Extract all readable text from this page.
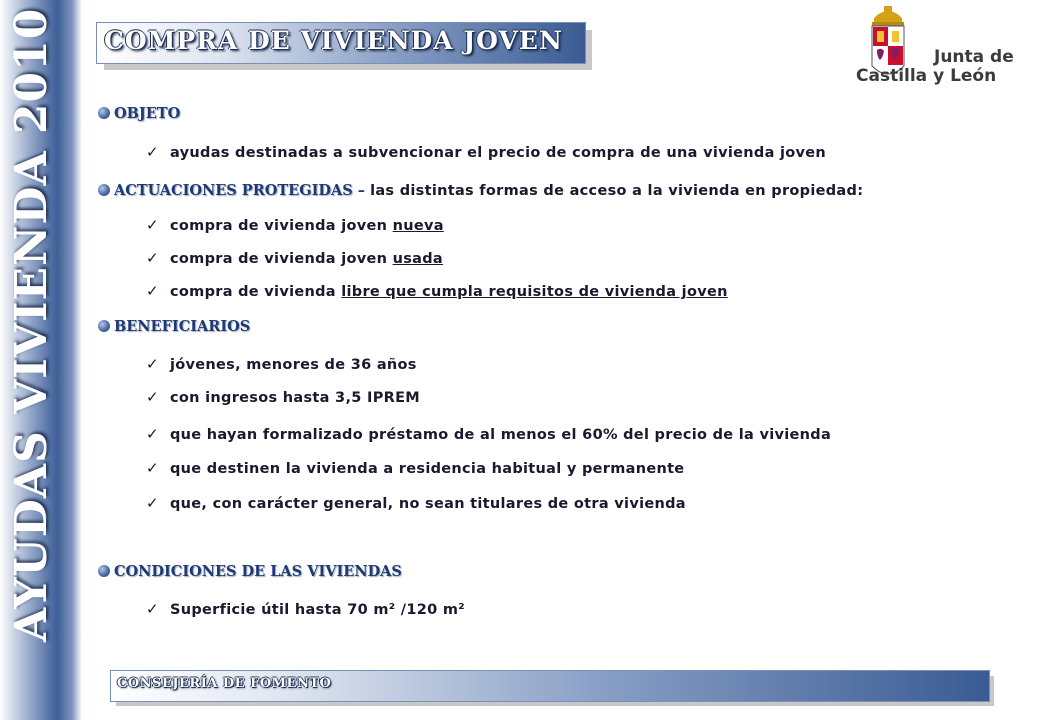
AYUDAS VIVIENDA 2010 COMPRA DE VIVIENDA JOVEN
Junta de
Castilla y León
OBJETO
✓ ayudas destinadas a subvencionar el precio de compra de una vivienda joven
ACTUACIONES PROTEGIDAS – las distintas formas de acceso a la vivienda en propiedad:
✓ compra de vivienda joven nueva
✓ compra de vivienda joven usada
✓ compra de vivienda libre que cumpla requisitos de vivienda joven
BENEFICIARIOS
✓ jóvenes, menores de 36 años
✓ con ingresos hasta 3,5 IPREM
✓ que hayan formalizado préstamo de al menos el 60% del precio de la vivienda
✓ que destinen la vivienda a residencia habitual y permanente
✓ que, con carácter general, no sean titulares de otra vivienda
CONDICIONES DE LAS VIVIENDAS
✓ Superficie útil hasta 70 m² /120 m²
CONSEJERÍA DE FOMENTO
